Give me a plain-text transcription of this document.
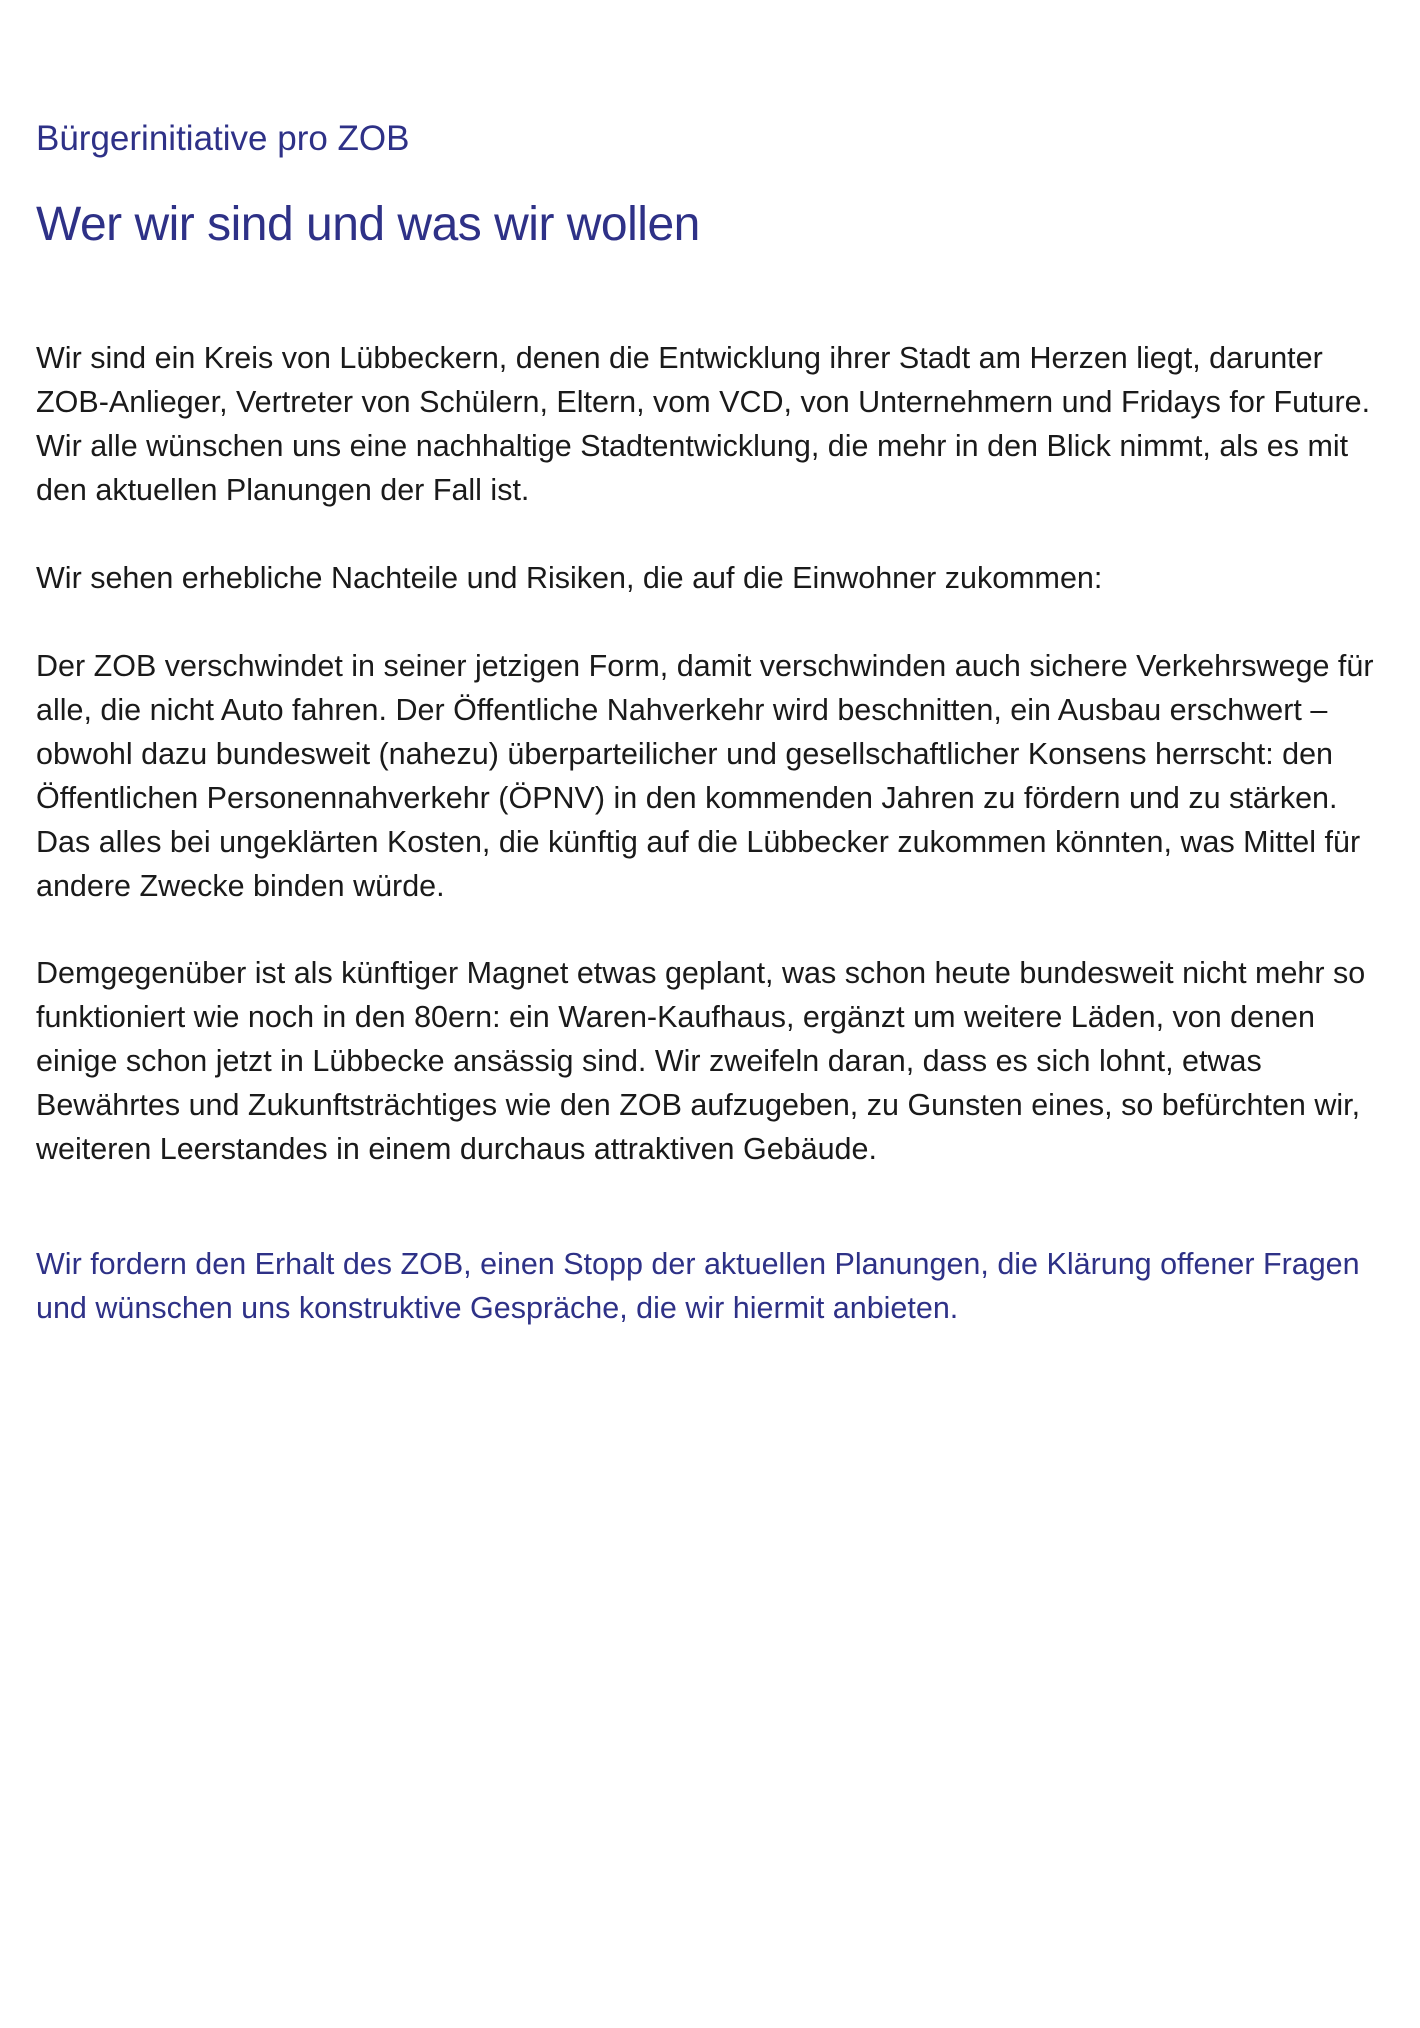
Bürgerinitiative pro ZOB
Wer wir sind und was wir wollen

Wir sind ein Kreis von Lübbeckern, denen die Entwicklung ihrer Stadt am Herzen liegt, darunter ZOB-Anlieger, Vertreter von Schülern, Eltern, vom VCD, von Unternehmern und Fridays for Future. Wir alle wünschen uns eine nachhaltige Stadtentwicklung, die mehr in den Blick nimmt, als es mit den aktuellen Planungen der Fall ist.

Wir sehen erhebliche Nachteile und Risiken, die auf die Einwohner zukommen:

Der ZOB verschwindet in seiner jetzigen Form, damit verschwinden auch sichere Verkehrswege für alle, die nicht Auto fahren. Der Öffentliche Nahverkehr wird beschnitten, ein Ausbau erschwert – obwohl dazu bundesweit (nahezu) überparteilicher und gesellschaftlicher Konsens herrscht: den Öffentlichen Personennahverkehr (ÖPNV) in den kommenden Jahren zu fördern und zu stärken. Das alles bei ungeklärten Kosten, die künftig auf die Lübbecker zukommen könnten, was Mittel für andere Zwecke binden würde.

Demgegenüber ist als künftiger Magnet etwas geplant, was schon heute bundesweit nicht mehr so funktioniert wie noch in den 80ern: ein Waren-Kaufhaus, ergänzt um weitere Läden, von denen einige schon jetzt in Lübbecke ansässig sind. Wir zweifeln daran, dass es sich lohnt, etwas Bewährtes und Zukunftsträchtiges wie den ZOB aufzugeben, zu Gunsten eines, so befürchten wir, weiteren Leerstandes in einem durchaus attraktiven Gebäude.

Wir fordern den Erhalt des ZOB, einen Stopp der aktuellen Planungen, die Klärung offener Fragen und wünschen uns konstruktive Gespräche, die wir hiermit anbieten.
